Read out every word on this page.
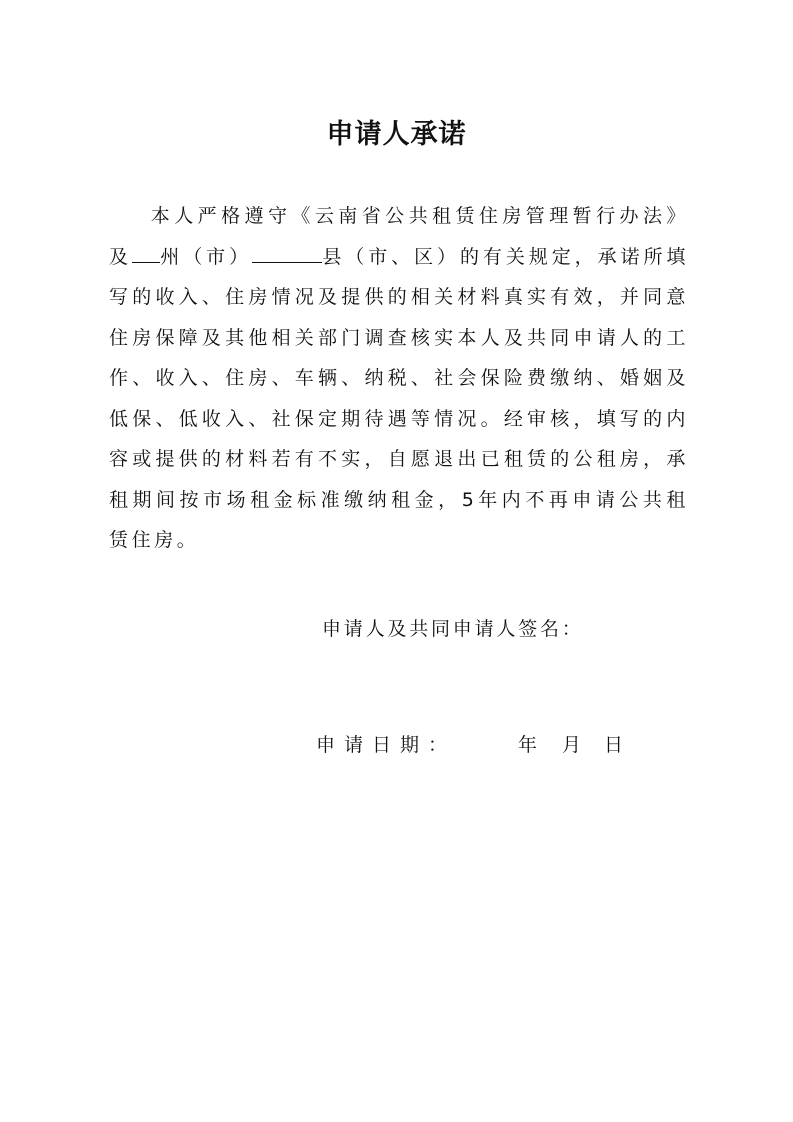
申请人承诺

本人严格遵守《云南省公共租赁住房管理暂行办法》及 州（市）	县（市、区）的有关规定，承诺所填写的收入、住房情况及提供的相关材料真实有效，并同意住房保障及其他相关部门调查核实本人及共同申请人的工作、收入、住房、车辆、纳税、社会保险费缴纳、婚姻及低保、低收入、社保定期待遇等情况。经审核，填写的内容或提供的材料若有不实，自愿退出已租赁的公租房，承租期间按市场租金标准缴纳租金，5年内不再申请公共租赁住房。

申请人及共同申请人签名：
申请日期：	年 月 日
